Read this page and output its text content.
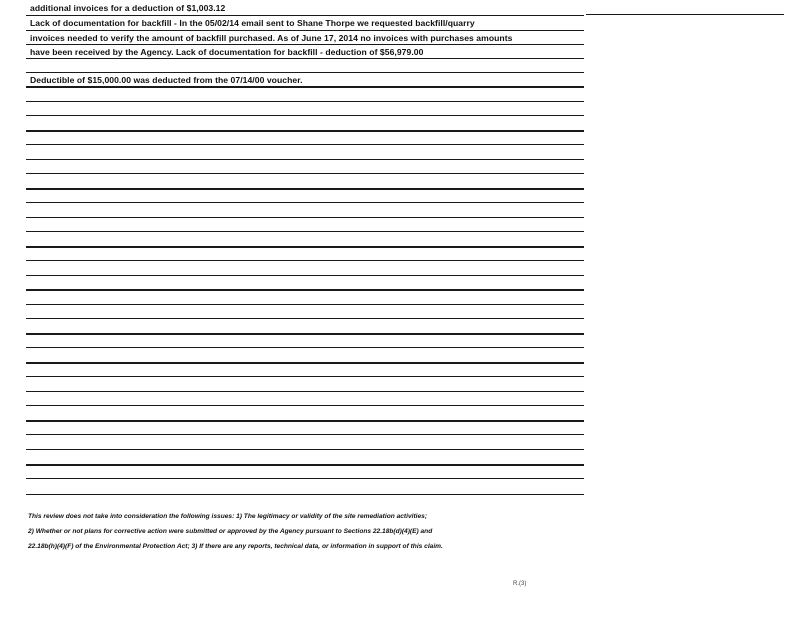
additional invoices for a deduction of $1,003.12
Lack of documentation for backfill - In the 05/02/14 email sent to Shane Thorpe we requested backfill/quarry
invoices needed to verify the amount of backfill purchased. As of June 17, 2014 no invoices with purchases amounts
have been received by the Agency. Lack of documentation for backfill - deduction of $56,979.00
Deductible of $15,000.00 was deducted from the 07/14/00 voucher.
This review does not take into consideration the following issues: 1) The legitimacy or validity of the site remediation activities;
2) Whether or not plans for corrective action were submitted or approved by the Agency pursuant to Sections 22.18b(d)(4)(E) and
22.18b(h)(4)(F) of the Environmental Protection Act; 3) If there are any reports, technical data, or information in support of this claim.
R.(3)
